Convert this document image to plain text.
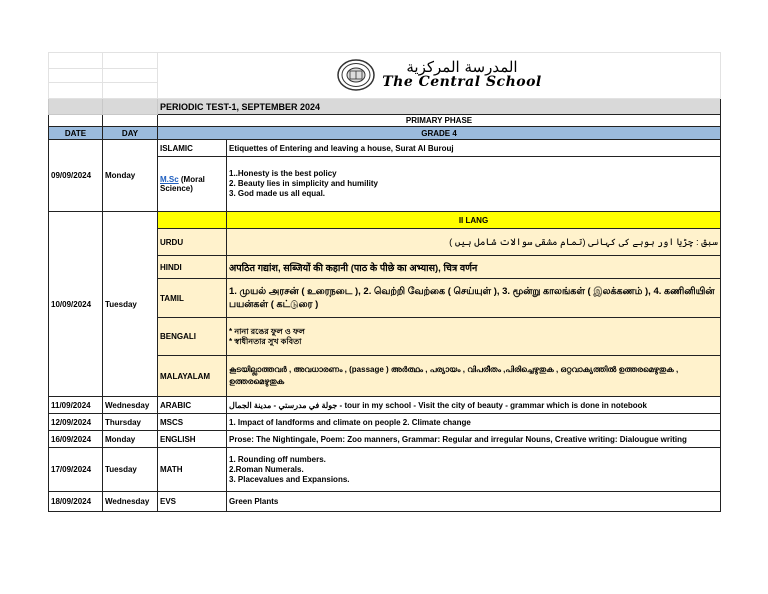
		المدرسة المركزية
The Central School	

		PERIODIC TEST-1, SEPTEMBER 2024	
		PRIMARY PHASE	
DATE	DAY	GRADE 4	
09/09/2024	Monday	ISLAMIC	Etiquettes of Entering and leaving a house, Surat Al Burouj
		M.Sc (Moral Science)	1..Honesty is the best policy
2. Beauty lies in simplicity and humility
3. God made us all equal.

10/09/2024	Tuesday		II LANG
		URDU	سبق : چڑیا اور بوہے کی کہانی (تمام مشقی سوالات شامل ہیں )
		HINDI	अपठित गद्यांश, सब्जियों की कहानी (पाठ के पीछे का अभ्यास), चित्र वर्णन
		TAMIL	1. முயல் அரசன் ( உரைநடை ), 2. வெற்றி வேற்கை ( செய்யுள் ), 3. மூன்று காலங்கள் ( இலக்கணம் ), 4. கணினியின் பயன்கள் ( கட்டுரை )
		BENGALI	* নানা রঙের ফুল ও ফল
* স্বাধীনতার সুখ কবিতা

		MALAYALAM	കൂടയില്ലാത്തവർ , അവധാരണം , (passage ) അർത്ഥം , പര്യായം , വിപരീതം ,പിരിച്ചെഴുതുക , ഒറ്റവാക്യത്തിൽ ഉത്തരമെഴുതുക , ഉത്തരമെഴുതുക
11/09/2024	Wednesday	ARABIC	جولة في مدرستي - مدينة الجمال - tour in my school - Visit the city of beauty - grammar which is done in notebook
12/09/2024	Thursday	MSCS	1. Impact of landforms and climate on people 2. Climate change
16/09/2024	Monday	ENGLISH	Prose: The Nightingale, Poem: Zoo manners, Grammar: Regular and irregular Nouns, Creative writing: Dialougue writing
17/09/2024	Tuesday	MATH	1. Rounding off numbers.
2.Roman Numerals.
3. Placevalues and Expansions.

18/09/2024	Wednesday	EVS	Green Plants
